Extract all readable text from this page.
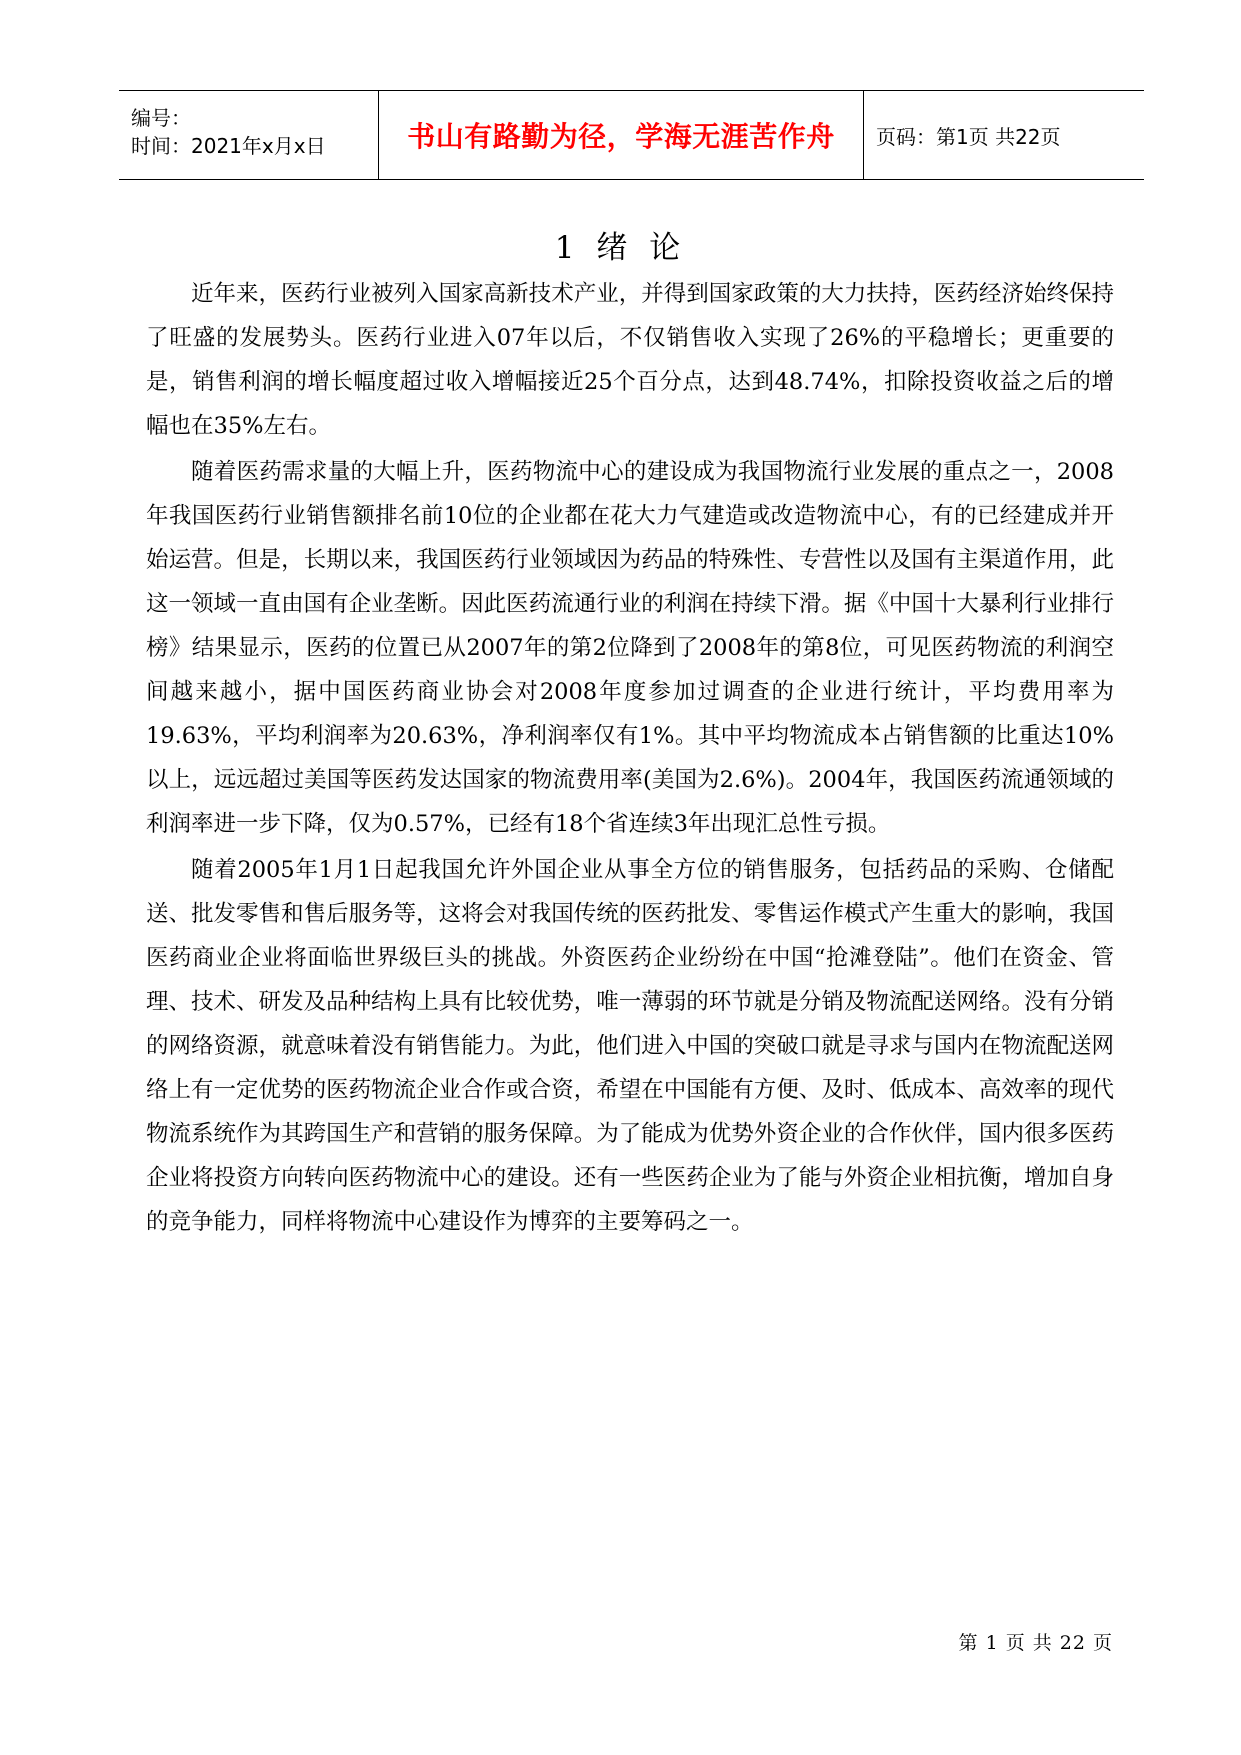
编号：
时间：2021年x月x日	书山有路勤为径，学海无涯苦作舟	页码：第1页 共22页
1 绪 论

近年来，医药行业被列入国家高新技术产业，并得到国家政策的大力扶持，医药经济始终保持了旺盛的发展势头。医药行业进入07年以后，不仅销售收入实现了26%的平稳增长；更重要的是，销售利润的增长幅度超过收入增幅接近25个百分点，达到48.74%，扣除投资收益之后的增幅也在35%左右。

随着医药需求量的大幅上升，医药物流中心的建设成为我国物流行业发展的重点之一，2008年我国医药行业销售额排名前10位的企业都在花大力气建造或改造物流中心，有的已经建成并开始运营。但是，长期以来，我国医药行业领域因为药品的特殊性、专营性以及国有主渠道作用，此这一领域一直由国有企业垄断。因此医药流通行业的利润在持续下滑。据《中国十大暴利行业排行榜》结果显示，医药的位置已从2007年的第2位降到了2008年的第8位，可见医药物流的利润空间越来越小，据中国医药商业协会对2008年度参加过调查的企业进行统计，平均费用率为19.63%，平均利润率为20.63%，净利润率仅有1%。其中平均物流成本占销售额的比重达10%以上，远远超过美国等医药发达国家的物流费用率(美国为2.6%)。2004年，我国医药流通领域的利润率进一步下降，仅为0.57%，已经有18个省连续3年出现汇总性亏损。

随着2005年1月1日起我国允许外国企业从事全方位的销售服务，包括药品的采购、仓储配送、批发零售和售后服务等，这将会对我国传统的医药批发、零售运作模式产生重大的影响，我国医药商业企业将面临世界级巨头的挑战。外资医药企业纷纷在中国“抢滩登陆”。他们在资金、管理、技术、研发及品种结构上具有比较优势，唯一薄弱的环节就是分销及物流配送网络。没有分销的网络资源，就意味着没有销售能力。为此，他们进入中国的突破口就是寻求与国内在物流配送网络上有一定优势的医药物流企业合作或合资，希望在中国能有方便、及时、低成本、高效率的现代物流系统作为其跨国生产和营销的服务保障。为了能成为优势外资企业的合作伙伴，国内很多医药企业将投资方向转向医药物流中心的建设。还有一些医药企业为了能与外资企业相抗衡，增加自身的竞争能力，同样将物流中心建设作为博弈的主要筹码之一。

第 1 页 共 22 页
